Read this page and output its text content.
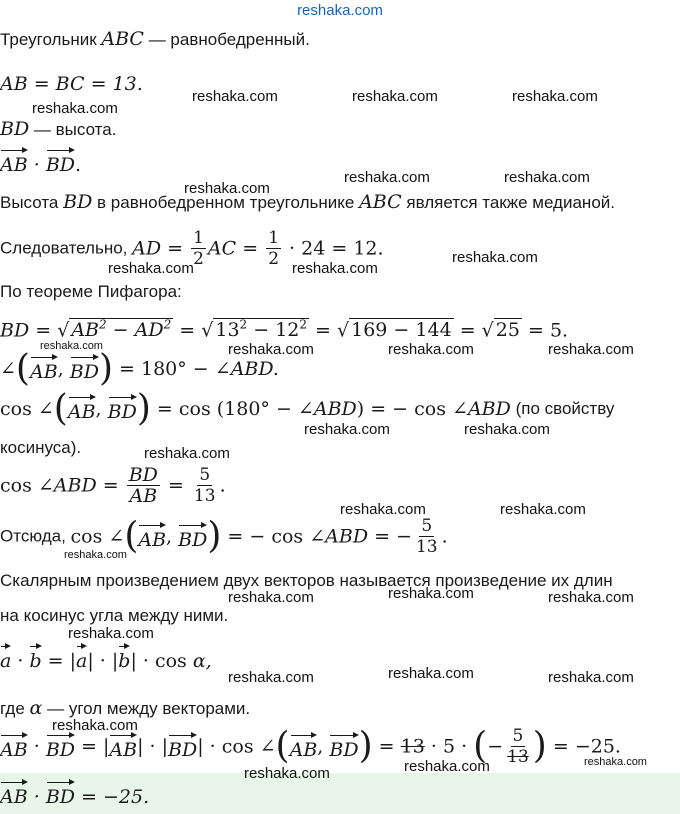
reshaka.com
Треугольник ABC — равнобедренный.
AB = BC = 13.
BD — высота.
AB · BD.
Высота BD в равнобедренном треугольнике ABC является также медианой.
Следовательно, AD = $\frac{1}{2}$ AC = $\frac{1}{2} \cdot 24 = 12$.
По теореме Пифагора:
BD = √ $AB^2 - AD^2$ = √ $13^2 - 12^2$ = √ 169 − 144 = √ 25 = 5.
∠(AB, BD) = 180° − ∠ABD.
cos ∠(AB, BD) = cos (180° − ∠ABD) = − cos ∠ABD (по свойству
косинуса).
cos ∠ABD = $\frac{BD}{AB} = \frac{5}{13}$ .
Отсюда, cos ∠(AB, BD) = − cos ∠ABD = − $\frac{5}{13}$ .
Скалярным произведением двух векторов называется произведение их длин
на косинус угла между ними.
a · b = |a| · |b| · cos α,
где α — угол между векторами.
AB · BD = |AB| · |BD| · cos ∠(AB, BD) = 13 · 5 · (− $\frac{5}{13}$ ) = −25.
AB · BD = −25.
reshaka.com
reshaka.com	reshaka.com	reshaka.com
reshaka.com
reshaka.com	reshaka.com
reshaka.com	reshaka.com
reshaka.com
reshaka.com	reshaka.com	reshaka.com	reshaka.com
reshaka.com	reshaka.com
reshaka.com
reshaka.com	reshaka.com
reshaka.com
reshaka.com	reshaka.com	reshaka.com
reshaka.com
reshaka.com	reshaka.com	reshaka.com
reshaka.com
reshaka.com	reshaka.com	reshaka.com
